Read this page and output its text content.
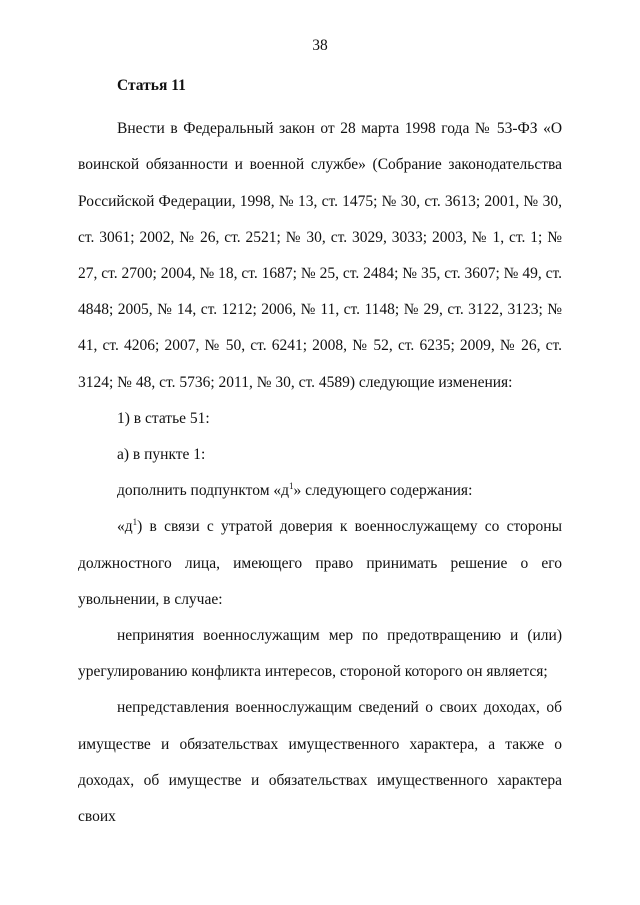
38

Статья 11

Внести в Федеральный закон от 28 марта 1998 года № 53-ФЗ «О воинской обязанности и военной службе» (Собрание законодательства Российской Федерации, 1998, № 13, ст. 1475; № 30, ст. 3613; 2001, № 30, ст. 3061; 2002, № 26, ст. 2521; № 30, ст. 3029, 3033; 2003, № 1, ст. 1; № 27, ст. 2700; 2004, № 18, ст. 1687; № 25, ст. 2484; № 35, ст. 3607; № 49, ст. 4848; 2005, № 14, ст. 1212; 2006, № 11, ст. 1148; № 29, ст. 3122, 3123; № 41, ст. 4206; 2007, № 50, ст. 6241; 2008, № 52, ст. 6235; 2009, № 26, ст. 3124; № 48, ст. 5736; 2011, № 30, ст. 4589) следующие изменения:

1) в статье 51:

а) в пункте 1:

дополнить подпунктом «$д^1$» следующего содержания:

«$д^1$) в связи с утратой доверия к военнослужащему со стороны должностного лица, имеющего право принимать решение о его увольнении, в случае:

непринятия военнослужащим мер по предотвращению и (или) урегулированию конфликта интересов, стороной которого он является;

непредставления военнослужащим сведений о своих доходах, об имуществе и обязательствах имущественного характера, а также о доходах, об имуществе и обязательствах имущественного характера своих
